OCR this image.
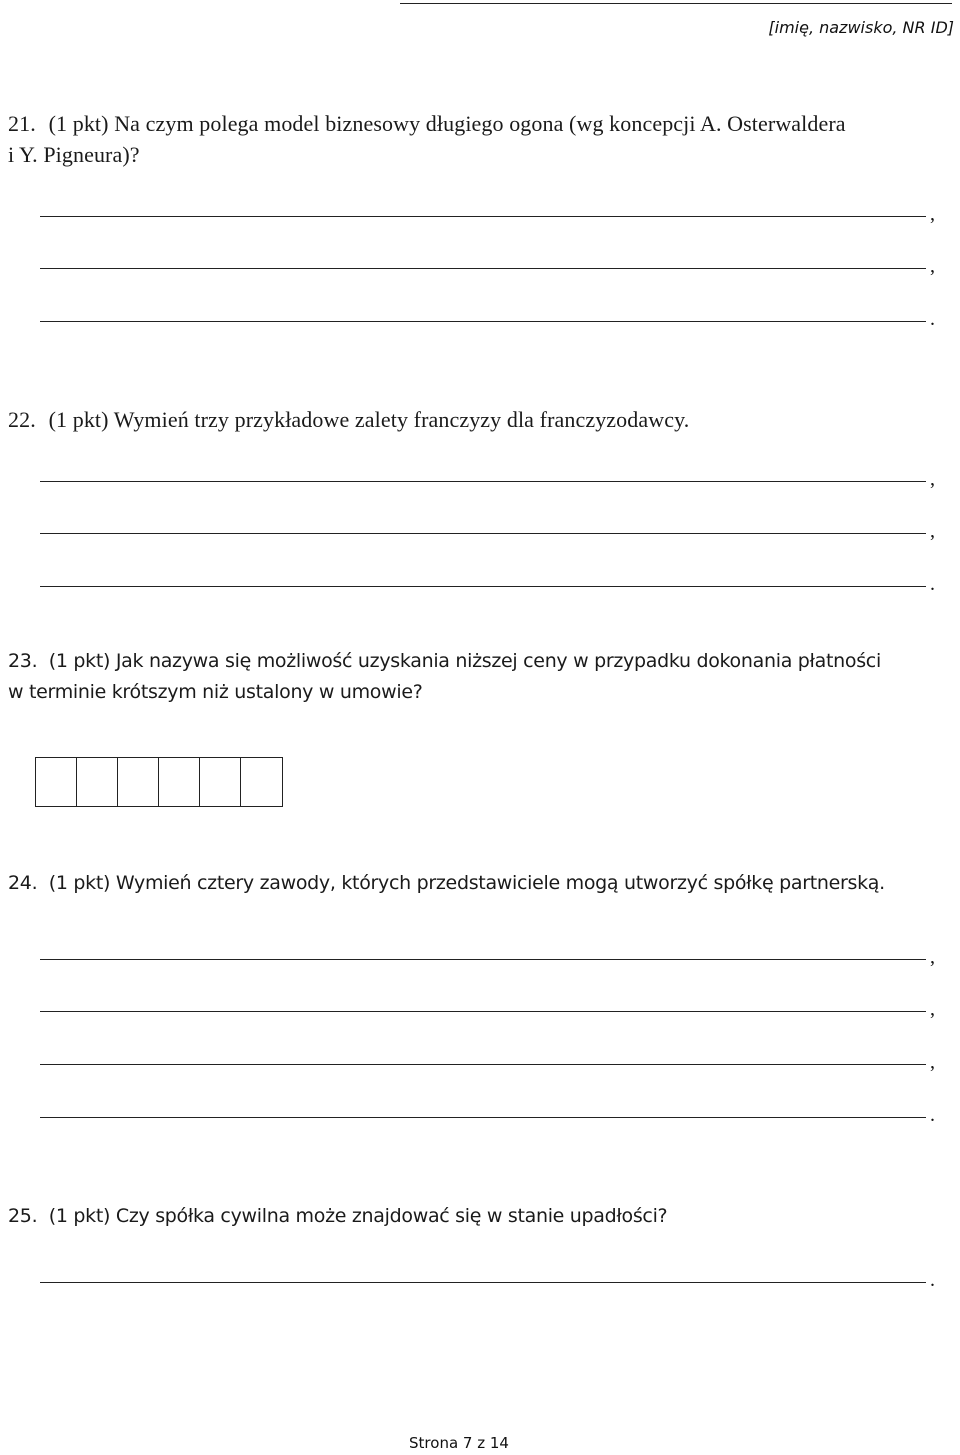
[imię, nazwisko, NR ID]
21. (1 pkt) Na czym polega model biznesowy długiego ogona (wg koncepcji A. Osterwaldera
i Y. Pigneura)?
,
,
.
22. (1 pkt) Wymień trzy przykładowe zalety franczyzy dla franczyzodawcy.
,
,
.
23. (1 pkt) Jak nazywa się możliwość uzyskania niższej ceny w przypadku dokonania płatności
w terminie krótszym niż ustalony w umowie?
24. (1 pkt) Wymień cztery zawody, których przedstawiciele mogą utworzyć spółkę partnerską.
,
,
,
.
25. (1 pkt) Czy spółka cywilna może znajdować się w stanie upadłości?
.
Strona 7 z 14
